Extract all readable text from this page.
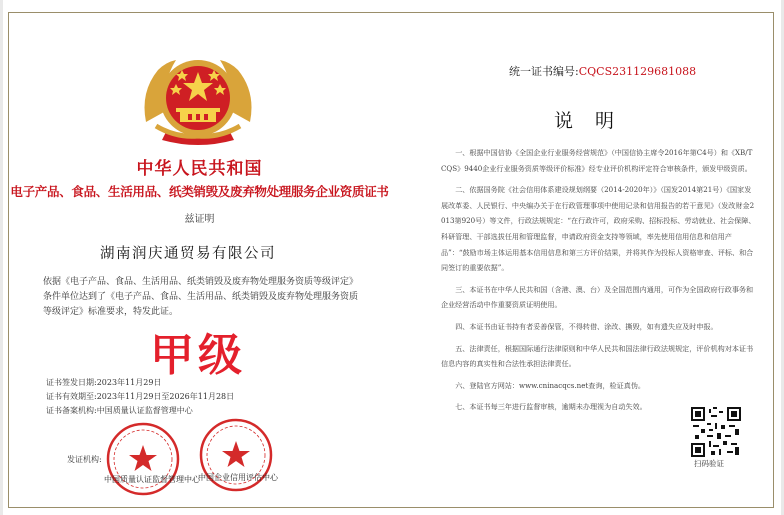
中华人民共和国
电子产品、食品、生活用品、纸类销毁及废弃物处理服务企业资质证书
兹证明
湖南润庆通贸易有限公司
依据《电子产品、食品、生活用品、纸类销毁及废弃物处理服务资质等级评定》条件单位达到了《电子产品、食品、生活用品、纸类销毁及废弃物处理服务资质等级评定》标准要求，特发此证。
甲级
证书签发日期:2023年11月29日
证书有效期至:2023年11月29日至2026年11月28日
证书备案机构:中国质量认证监督管理中心
发证机构:
中国质量认证监督管理中心
中国企业信用评估中心
统一证书编号:CQCS231129681088
说明

一、根据中国信协《全国企业行业服务经营规范》（中国信协主席令2016年第C4号）和《XB/T CQS》9440企业行业服务资质等级评价标准》经专业评价机构评定符合审核条件，颁发甲级资质。

二、依据国务院《社会信用体系建设规划纲要（2014-2020年）》（国发2014第21号）《国家发展改革委、人民银行、中央编办关于在行政管理事项中使用记录和信用报告的若干意见》（发改财金2013第920号）等文件，行政法规规定：“在行政许可，政府采购、招标投标、劳动就业、社会保障、科研管理、干部选拔任用和管理监督，申请政府资金支持等领域，率先使用信用信息和信用产品”：“鼓励市场主体运用基本信用信息和第三方评价结果，并将其作为投标人资格审查、评标、和合同签订的重要依据”。

三、本证书在中华人民共和国（含港、澳、台）及全国范围内通用，可作为全国政府行政事务和企业经营活动中作重要资质证明使用。

四、本证书由证书持有者妥善保管，不得转借、涂改、撕毁，如有遗失应及时申报。

五、法律责任，根据国际通行法律原则和中华人民共和国法律行政法规规定，评价机构对本证书信息内容的真实性和合法性承担法律责任。

六、登陆官方网站：www.cninacqcs.net查询，检证真伪。

七、本证书每三年进行监督审核，逾期未办理视为自动失效。

扫码验证
